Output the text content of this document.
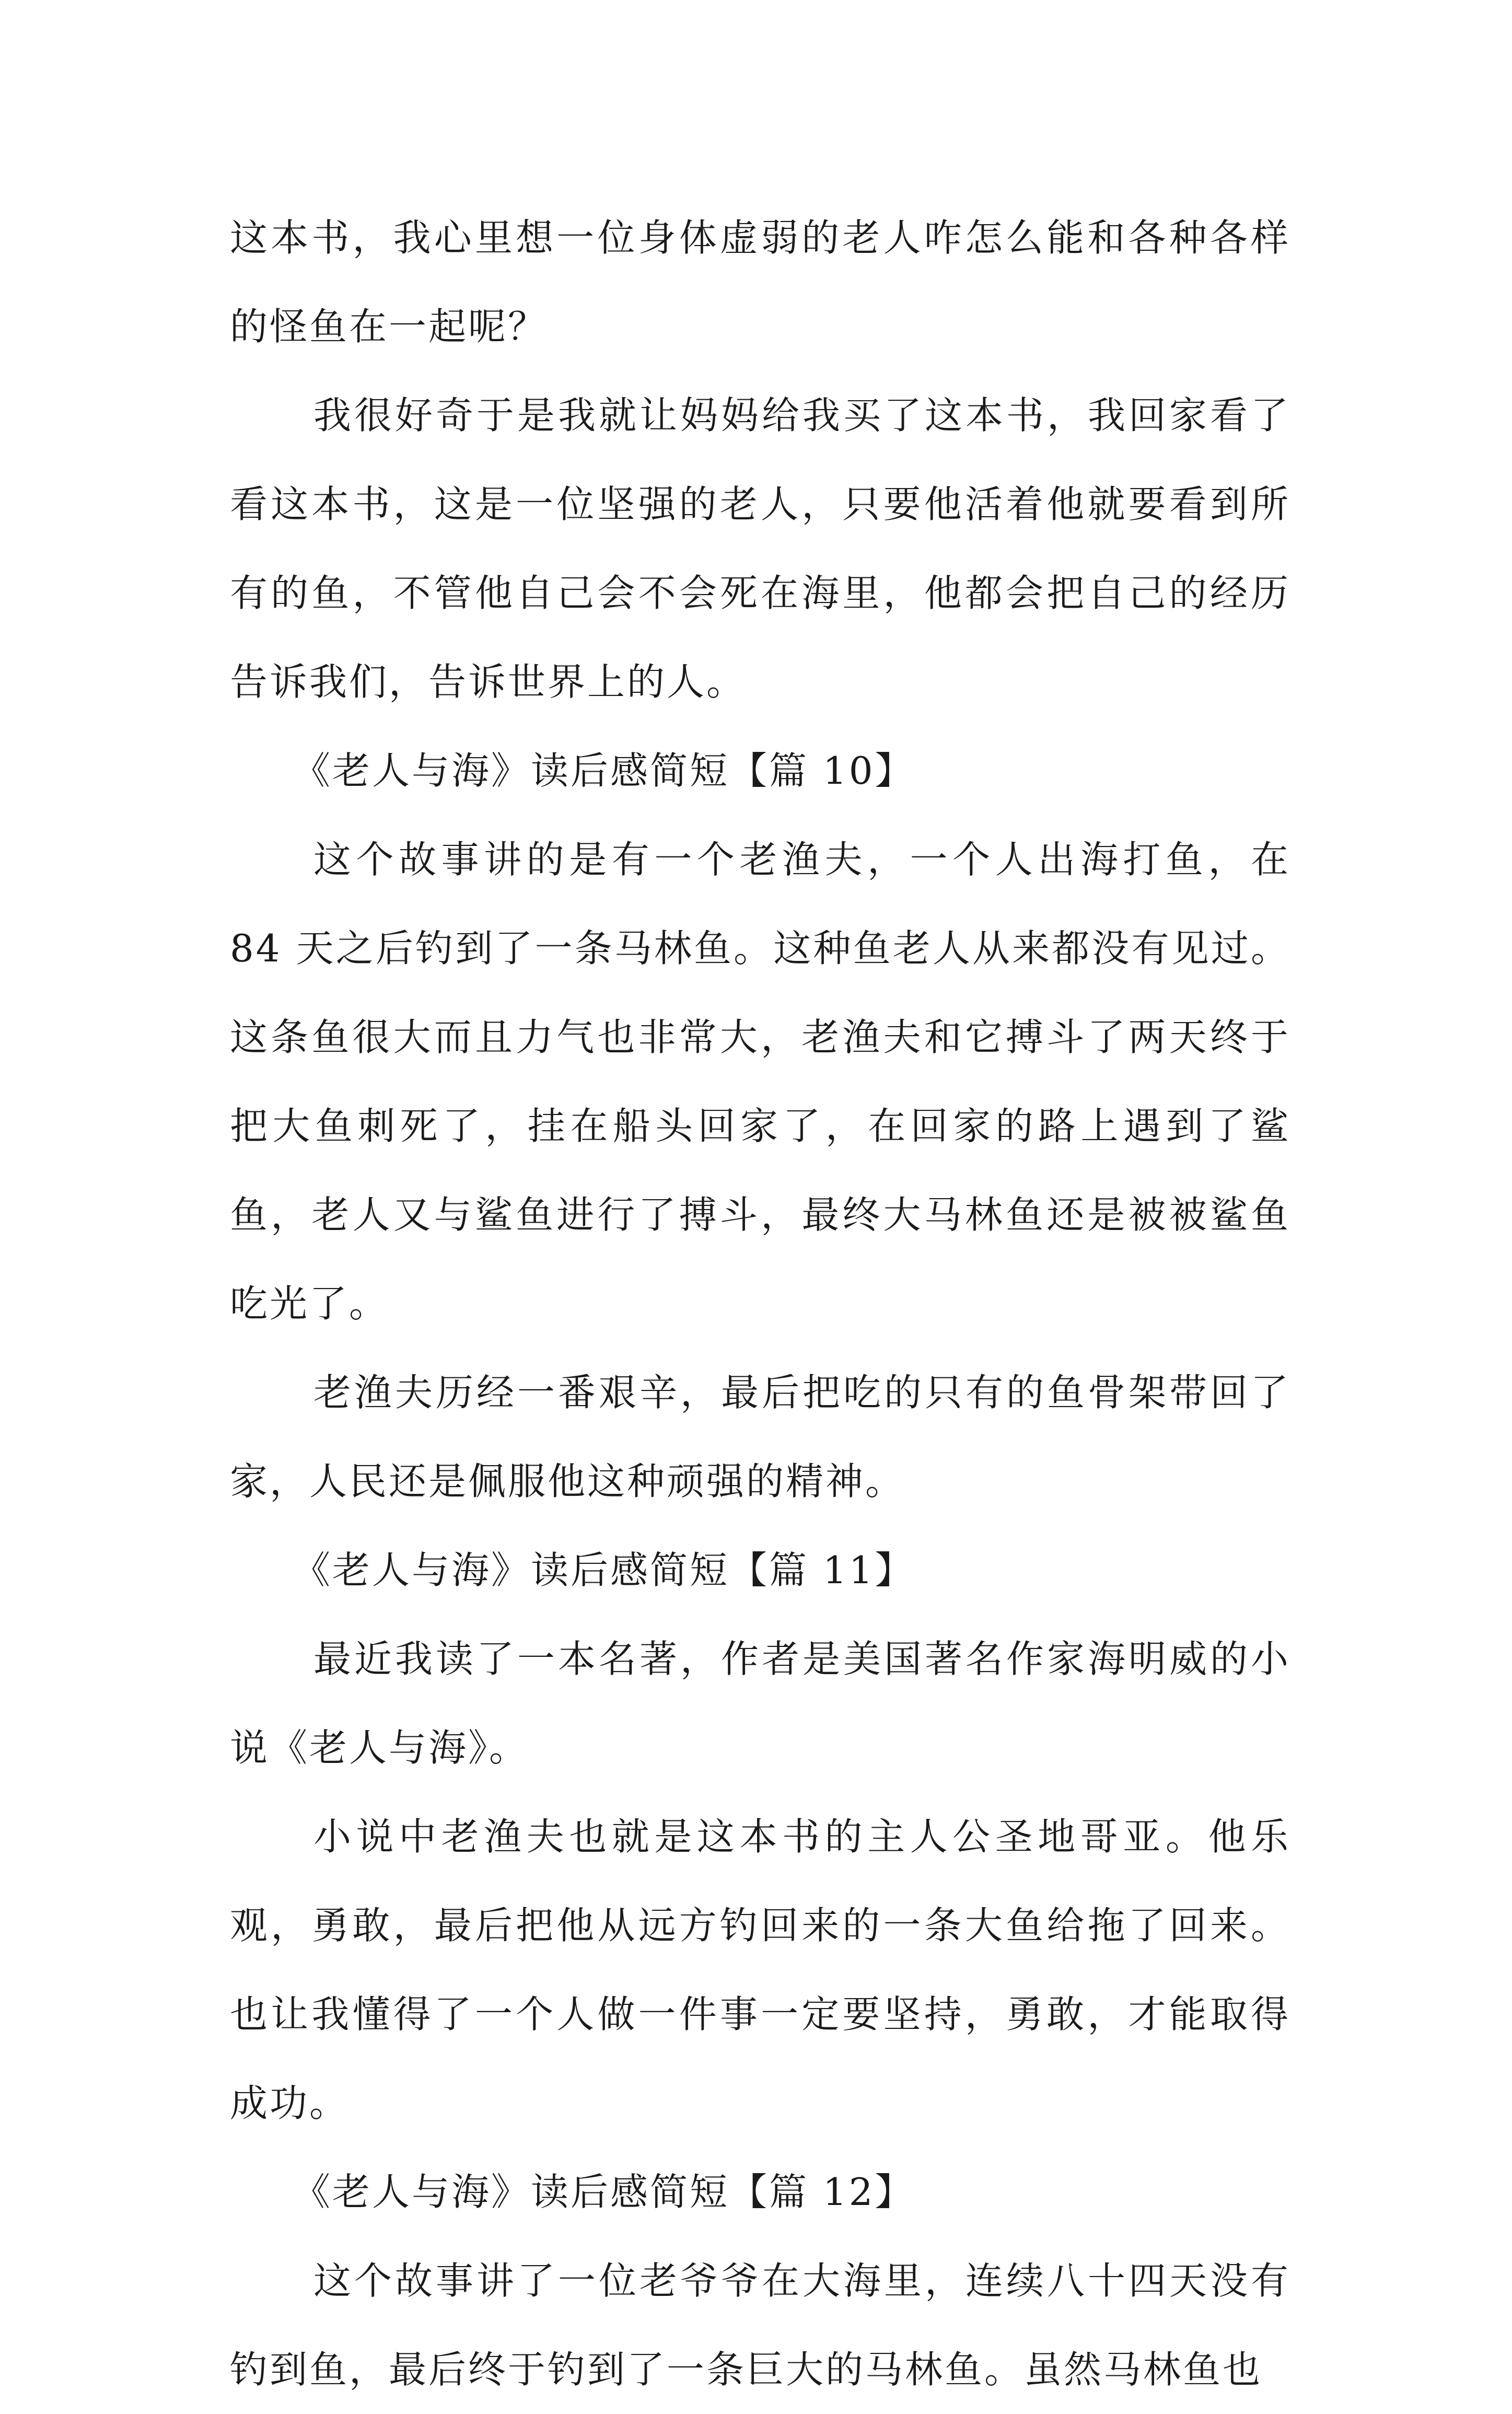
这本书，我心里想一位身体虚弱的老人咋怎么能和各种各样的怪鱼在一起呢？

我很好奇于是我就让妈妈给我买了这本书，我回家看了看这本书，这是一位坚强的老人，只要他活着他就要看到所有的鱼，不管他自己会不会死在海里，他都会把自己的经历告诉我们，告诉世界上的人。

《老人与海》读后感简短【篇 10】

这个故事讲的是有一个老渔夫，一个人出海打鱼，在 84 天之后钓到了一条马林鱼。这种鱼老人从来都没有见过。这条鱼很大而且力气也非常大，老渔夫和它搏斗了两天终于把大鱼刺死了，挂在船头回家了，在回家的路上遇到了鲨鱼，老人又与鲨鱼进行了搏斗，最终大马林鱼还是被被鲨鱼吃光了。

老渔夫历经一番艰辛，最后把吃的只有的鱼骨架带回了家，人民还是佩服他这种顽强的精神。

《老人与海》读后感简短【篇 11】

最近我读了一本名著，作者是美国著名作家海明威的小说《老人与海》。

小说中老渔夫也就是这本书的主人公圣地哥亚。他乐观，勇敢，最后把他从远方钓回来的一条大鱼给拖了回来。也让我懂得了一个人做一件事一定要坚持，勇敢，才能取得成功。

《老人与海》读后感简短【篇 12】

这个故事讲了一位老爷爷在大海里，连续八十四天没有钓到鱼，最后终于钓到了一条巨大的马林鱼。虽然马林鱼也
